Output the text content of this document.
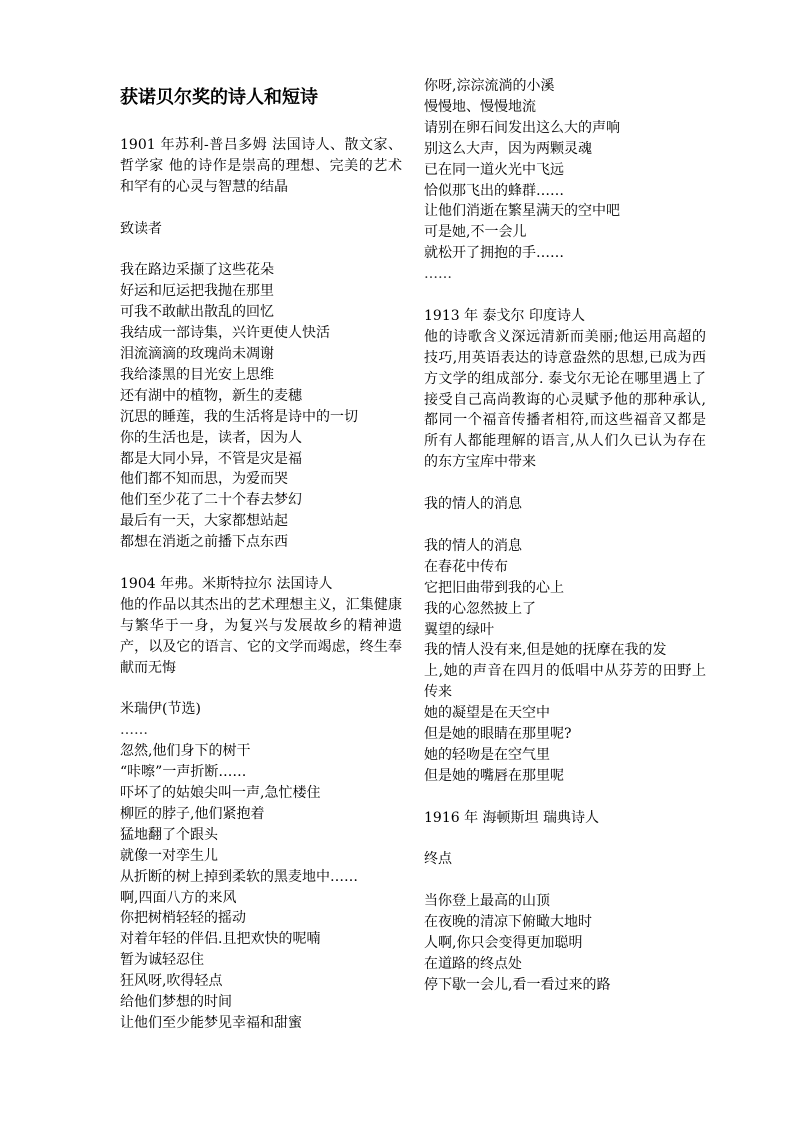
获诺贝尔奖的诗人和短诗
1901 年苏利-普吕多姆 法国诗人、散文家、哲学家 他的诗作是崇高的理想、完美的艺术和罕有的心灵与智慧的结晶
致读者
我在路边采撷了这些花朵
好运和厄运把我抛在那里
可我不敢献出散乱的回忆
我结成一部诗集，兴许更使人快活
泪流滴滴的玫瑰尚未凋谢
我给漆黑的目光安上思维
还有湖中的植物，新生的麦穗
沉思的睡莲，我的生活将是诗中的一切
你的生活也是，读者，因为人
都是大同小异，不管是灾是福
他们都不知而思，为爱而哭
他们至少花了二十个春去梦幻
最后有一天，大家都想站起
都想在消逝之前播下点东西
1904 年弗。米斯特拉尔 法国诗人
他的作品以其杰出的艺术理想主义，汇集健康与繁华于一身，为复兴与发展故乡的精神遗产，以及它的语言、它的文学而竭虑，终生奉献而无悔
米瑞伊(节选)
……
忽然,他们身下的树干
“咔嚓”一声折断……
吓坏了的姑娘尖叫一声,急忙楼住
柳匠的脖子,他们紧抱着
猛地翻了个跟头
就像一对孪生儿
从折断的树上掉到柔软的黑麦地中……
啊,四面八方的来风
你把树梢轻轻的摇动
对着年轻的伴侣.且把欢快的呢喃
暂为诚轻忍住
狂风呀,吹得轻点
给他们梦想的时间
让他们至少能梦见幸福和甜蜜
你呀,淙淙流淌的小溪
慢慢地、慢慢地流
请别在卵石间发出这么大的声响
别这么大声，因为两颗灵魂
已在同一道火光中飞远
恰似那飞出的蜂群……
让他们消逝在繁星满天的空中吧
可是她,不一会儿
就松开了拥抱的手……
……
1913 年 泰戈尔 印度诗人
他的诗歌含义深远清新而美丽;他运用高超的技巧,用英语表达的诗意盎然的思想,已成为西方文学的组成部分. 泰戈尔无论在哪里遇上了接受自己高尚教诲的心灵赋予他的那种承认,都同一个福音传播者相符,而这些福音又都是所有人都能理解的语言,从人们久已认为存在的东方宝库中带来
我的情人的消息
我的情人的消息
在春花中传布
它把旧曲带到我的心上
我的心忽然披上了
翼望的绿叶
我的情人没有来,但是她的抚摩在我的发
上,她的声音在四月的低唱中从芬芳的田野上传来
她的凝望是在天空中
但是她的眼睛在那里呢?
她的轻吻是在空气里
但是她的嘴唇在那里呢
1916 年 海顿斯坦 瑞典诗人
终点
当你登上最高的山顶
在夜晚的清凉下俯瞰大地时
人啊,你只会变得更加聪明
在道路的终点处
停下歇一会儿,看一看过来的路
